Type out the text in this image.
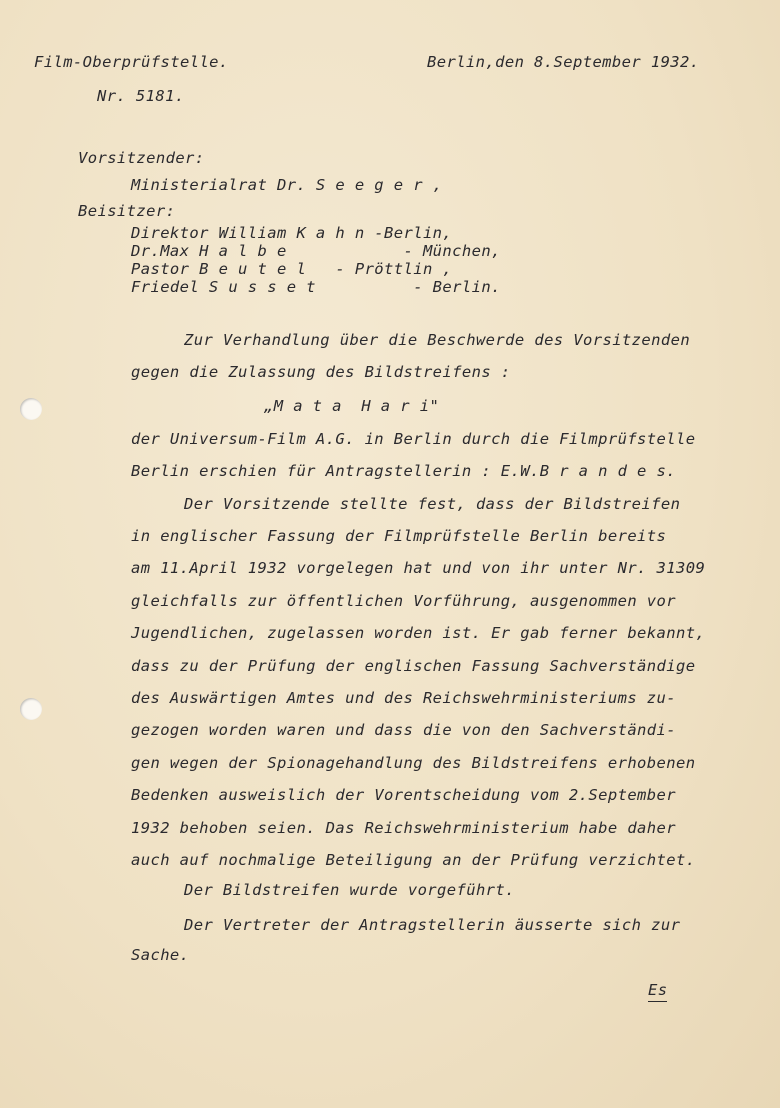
Film-Oberprüfstelle.	Berlin,den 8.September 1932.
Nr. 5181.
Vorsitzender:
Ministerialrat Dr. S e e g e r ,
Beisitzer:
Direktor William K a h n -Berlin,
Dr.Max H a l b e            - München,
Pastor B e u t e l   - Pröttlin ,
Friedel S u s s e t          - Berlin.
Zur Verhandlung über die Beschwerde des Vorsitzenden
gegen die Zulassung des Bildstreifens :
„M a t a  H a r i"
der Universum-Film A.G. in Berlin durch die Filmprüfstelle
Berlin erschien für Antragstellerin : E.W.B r a n d e s.
Der Vorsitzende stellte fest, dass der Bildstreifen
in englischer Fassung der Filmprüfstelle Berlin bereits
am 11.April 1932 vorgelegen hat und von ihr unter Nr. 31309
gleichfalls zur öffentlichen Vorführung, ausgenommen vor
Jugendlichen, zugelassen worden ist. Er gab ferner bekannt,
dass zu der Prüfung der englischen Fassung Sachverständige
des Auswärtigen Amtes und des Reichswehrministeriums zu-
gezogen worden waren und dass die von den Sachverständi-
gen wegen der Spionagehandlung des Bildstreifens erhobenen
Bedenken ausweislich der Vorentscheidung vom 2.September
1932 behoben seien. Das Reichswehrministerium habe daher
auch auf nochmalige Beteiligung an der Prüfung verzichtet.
Der Bildstreifen wurde vorgeführt.
Der Vertreter der Antragstellerin äusserte sich zur
Sache.
Es
